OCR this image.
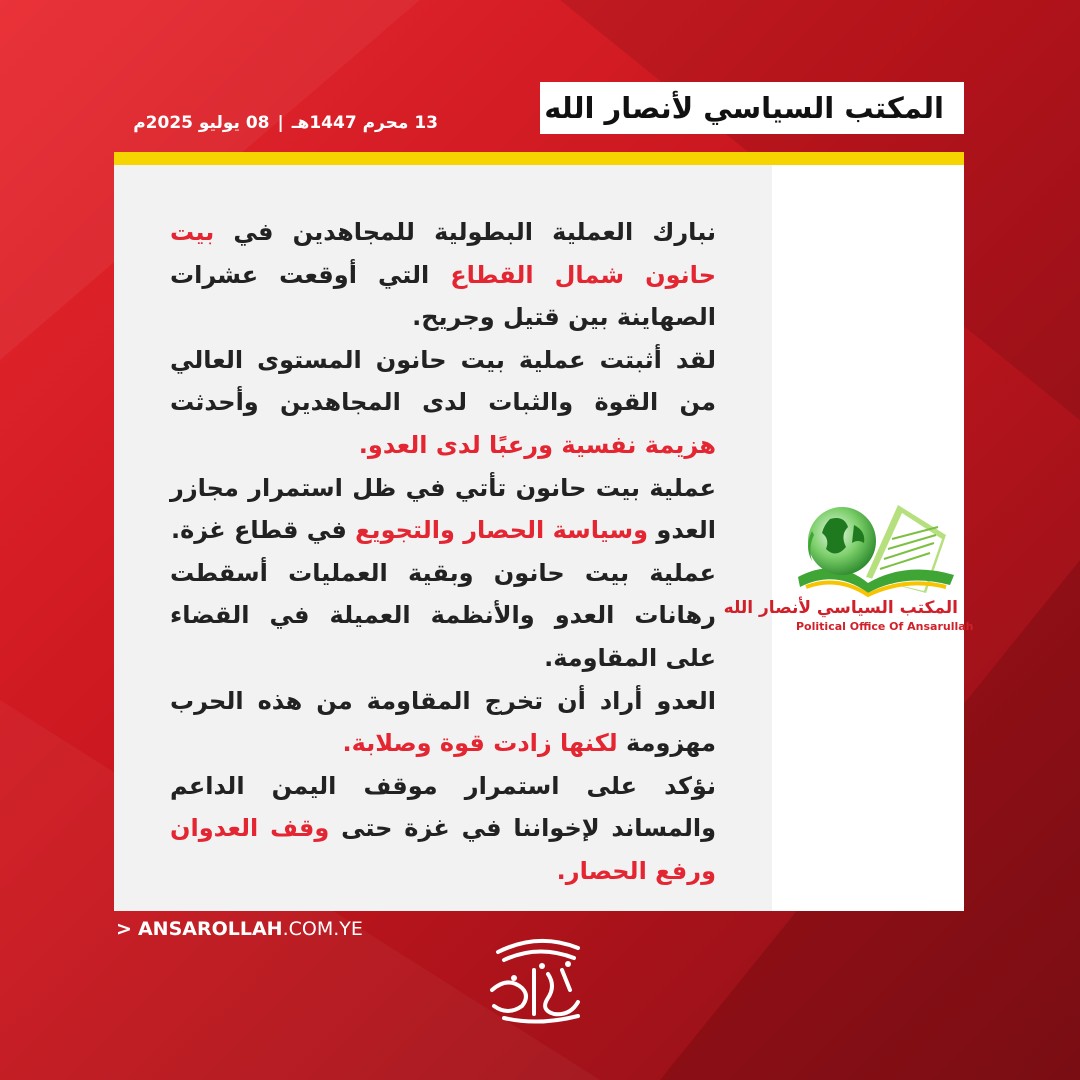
المكتب السياسي لأنصار الله
13 محرم 1447هـ|08 يوليو 2025م

نبارك العملية البطولية للمجاهدين في بيت حانون شمال القطاع التي أوقعت عشرات الصهاينة بين قتيل وجريح.

لقد أثبتت عملية بيت حانون المستوى العالي من القوة والثبات لدى المجاهدين وأحدثت هزيمة نفسية ورعبًا لدى العدو.

عملية بيت حانون تأتي في ظل استمرار مجازر العدو وسياسة الحصار والتجويع في قطاع غزة.

عملية بيت حانون وبقية العمليات أسقطت رهانات العدو والأنظمة العميلة في القضاء على المقاومة.

العدو أراد أن تخرج المقاومة من هذه الحرب مهزومة لكنها زادت قوة وصلابة.

نؤكد على استمرار موقف اليمن الداعم والمساند لإخواننا في غزة حتى وقف العدوان ورفع الحصار.

المكتب السياسي لأنصار الله
Political Office Of Ansarullah
> ANSAROLLAH.COM.YE
